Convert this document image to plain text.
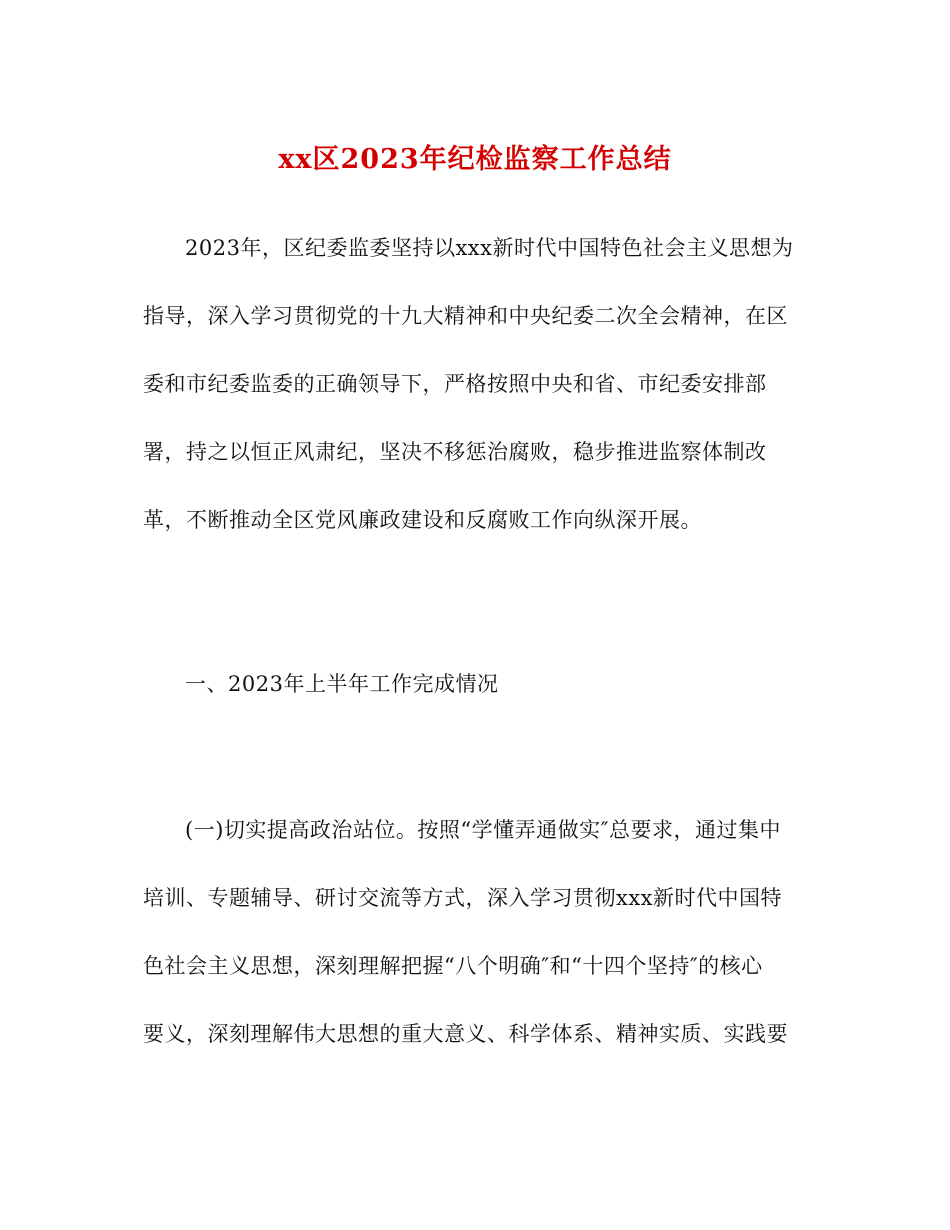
xx区2023年纪检监察工作总结
2023年，区纪委监委坚持以xxx新时代中国特色社会主义思想为
指导，深入学习贯彻党的十九大精神和中央纪委二次全会精神，在区
委和市纪委监委的正确领导下，严格按照中央和省、市纪委安排部
署，持之以恒正风肃纪，坚决不移惩治腐败，稳步推进监察体制改
革，不断推动全区党风廉政建设和反腐败工作向纵深开展。
一、2023年上半年工作完成情况
(一)切实提高政治站位。按照“学懂弄通做实″总要求，通过集中
培训、专题辅导、研讨交流等方式，深入学习贯彻xxx新时代中国特
色社会主义思想，深刻理解把握“八个明确″和“十四个坚持″的核心
要义，深刻理解伟大思想的重大意义、科学体系、精神实质、实践要
